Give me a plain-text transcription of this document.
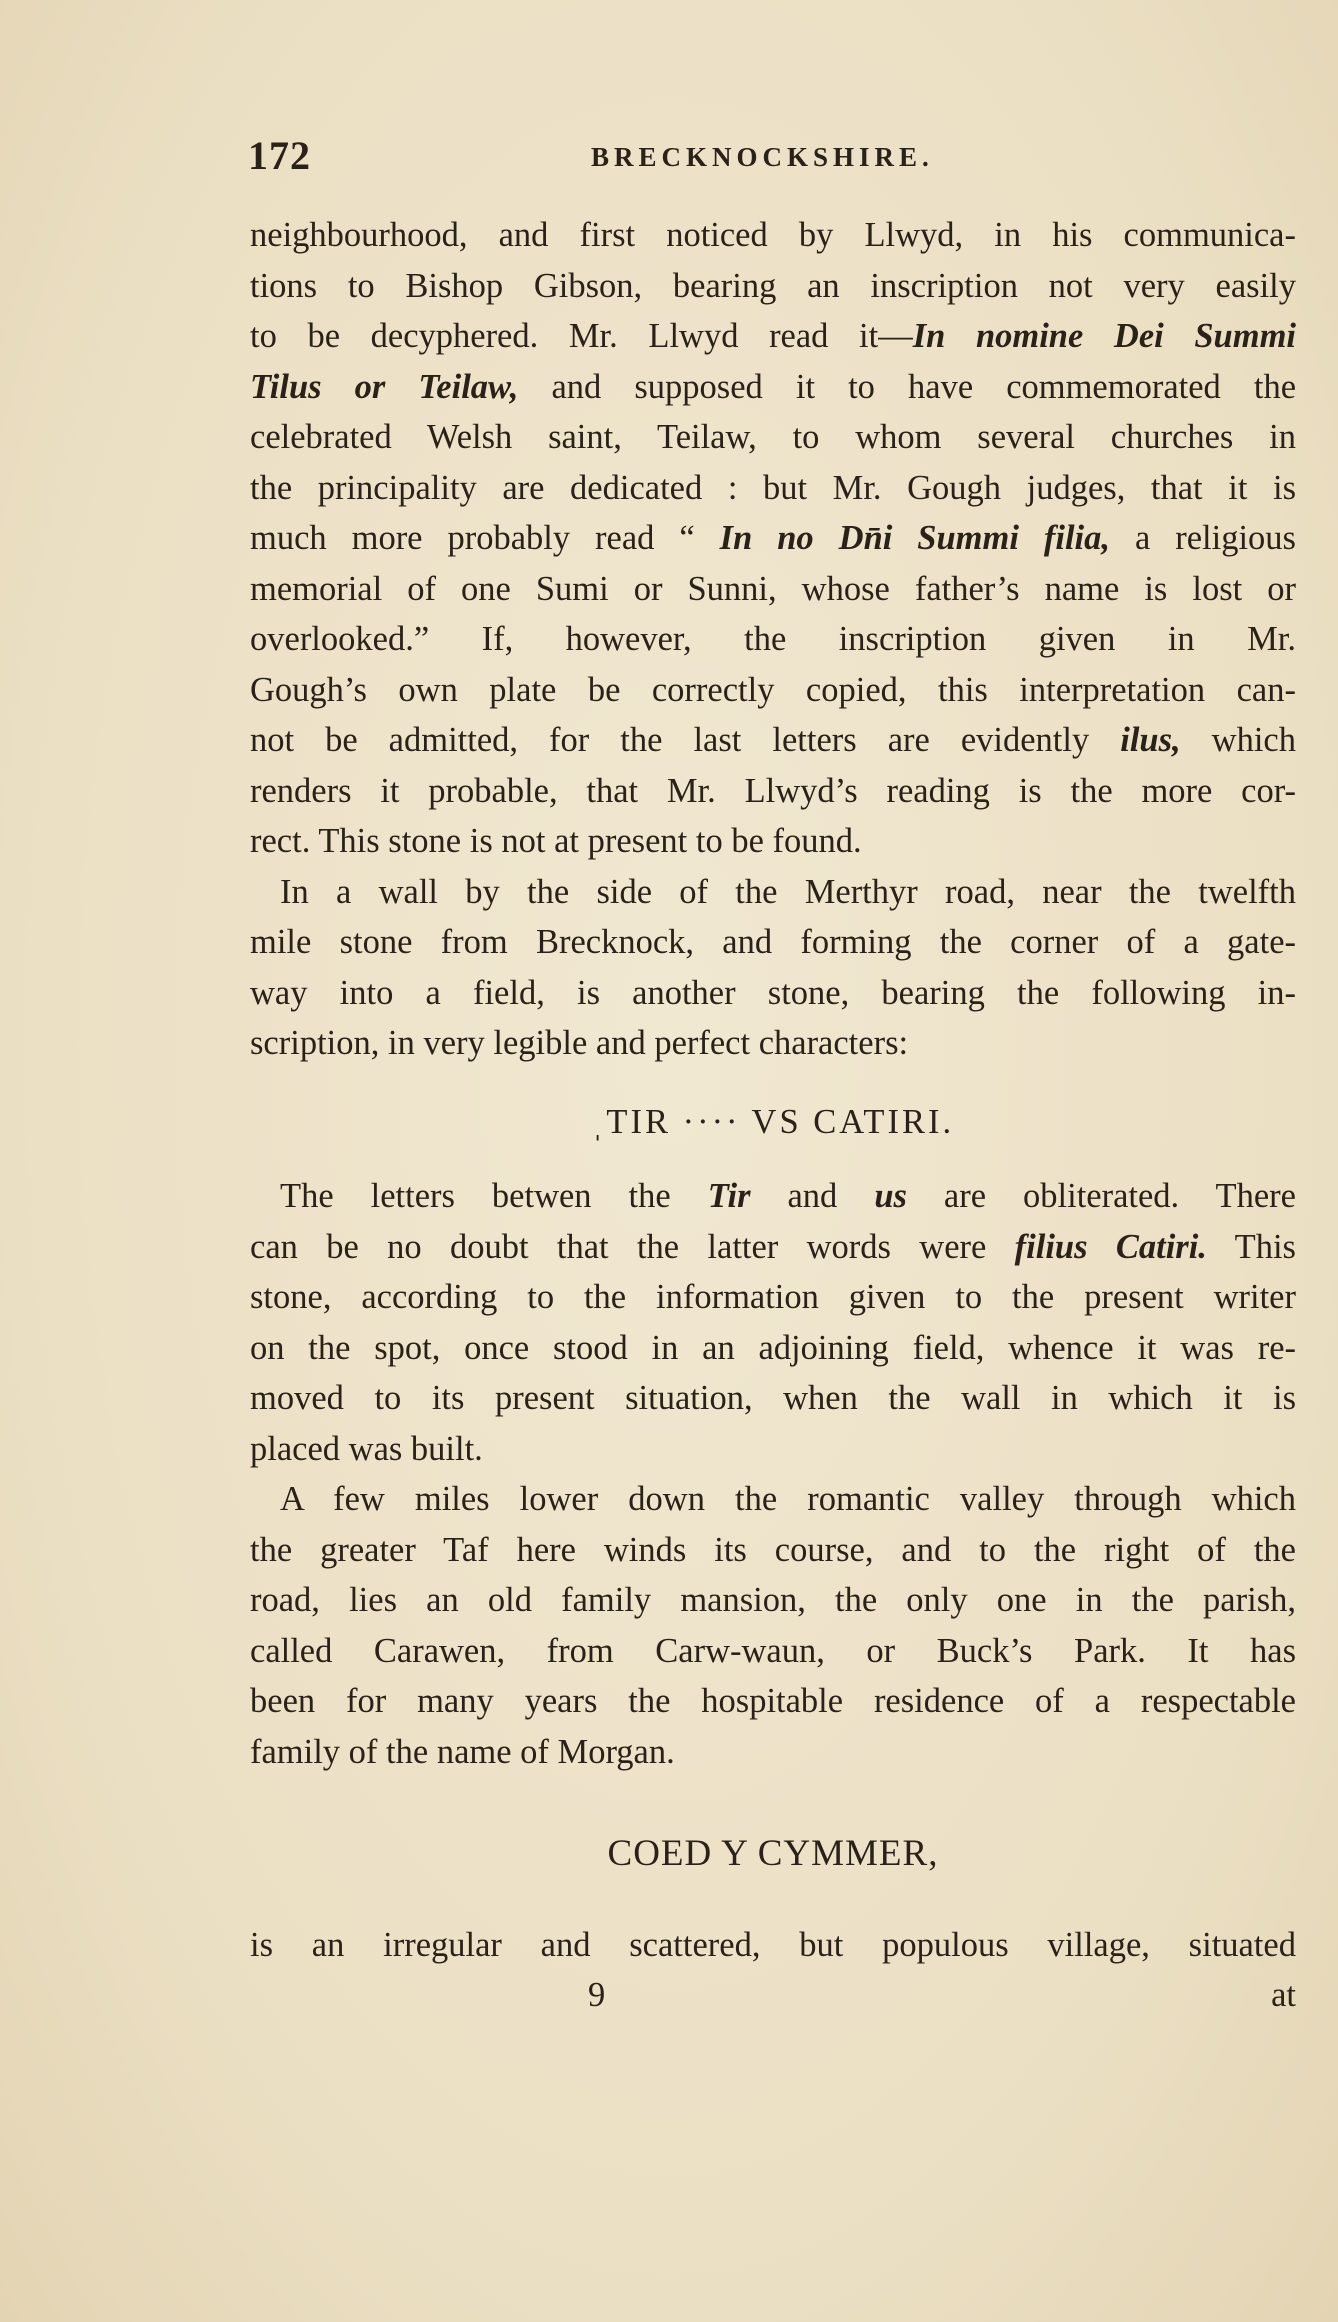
172	BRECKNOCKSHIRE.
neighbourhood, and first noticed by Llwyd, in his communica-
tions to Bishop Gibson, bearing an inscription not very easily
to be decyphered. Mr. Llwyd read it—In nomine Dei Summi
Tilus or Teilaw, and supposed it to have commemorated the
celebrated Welsh saint, Teilaw, to whom several churches in
the principality are dedicated : but Mr. Gough judges, that it is
much more probably read “ In no Dn̄i Summi filia, a religious
memorial of one Sumi or Sunni, whose father’s name is lost or
overlooked.” If, however, the inscription given in Mr.
Gough’s own plate be correctly copied, this interpretation can-
not be admitted, for the last letters are evidently ilus, which
renders it probable, that Mr. Llwyd’s reading is the more cor-
rect. This stone is not at present to be found.
In a wall by the side of the Merthyr road, near the twelfth
mile stone from Brecknock, and forming the corner of a gate-
way into a field, is another stone, bearing the following in-
scription, in very legible and perfect characters:
ˌTIR ···· VS CATIRI.
The letters betwen the Tir and us are obliterated. There
can be no doubt that the latter words were filius Catiri. This
stone, according to the information given to the present writer
on the spot, once stood in an adjoining field, whence it was re-
moved to its present situation, when the wall in which it is
placed was built.
A few miles lower down the romantic valley through which
the greater Taf here winds its course, and to the right of the
road, lies an old family mansion, the only one in the parish,
called Carawen, from Carw-waun, or Buck’s Park. It has
been for many years the hospitable residence of a respectable
family of the name of Morgan.
COED Y CYMMER,
is an irregular and scattered, but populous village, situated
9	at
